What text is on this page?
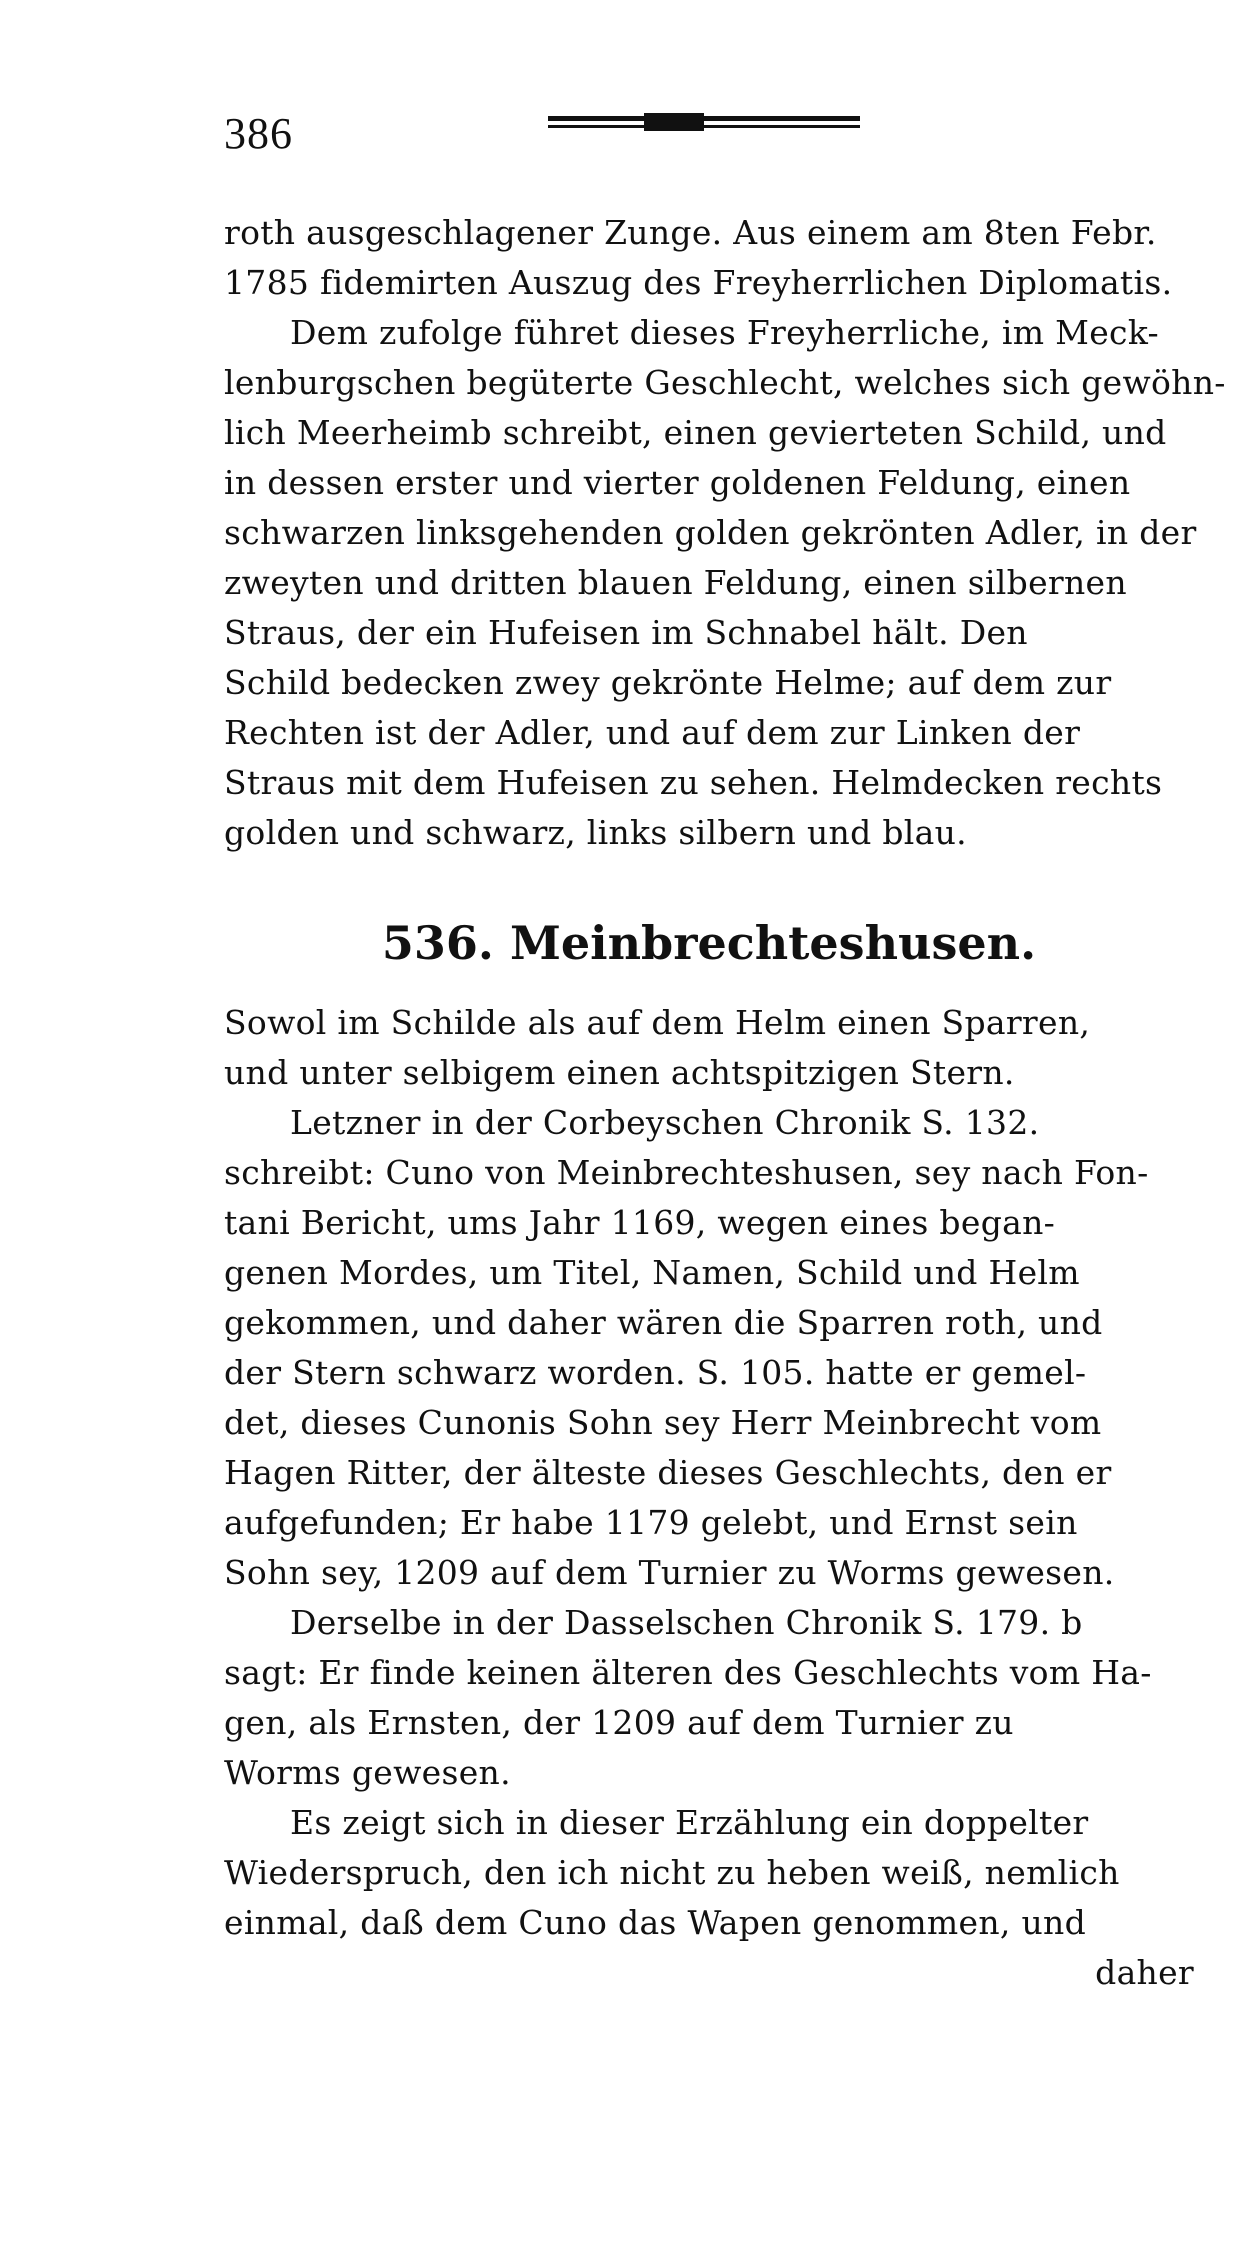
386
roth ausgeschlagener Zunge. Aus einem am 8ten Febr.
1785 fidemirten Auszug des Freyherrlichen Diplomatis.
Dem zufolge führet dieses Freyherrliche, im Meck-
lenburgschen begüterte Geschlecht, welches sich gewöhn-
lich Meerheimb schreibt, einen gevierteten Schild, und
in dessen erster und vierter goldenen Feldung, einen
schwarzen linksgehenden golden gekrönten Adler, in der
zweyten und dritten blauen Feldung, einen silbernen
Straus, der ein Hufeisen im Schnabel hält. Den
Schild bedecken zwey gekrönte Helme; auf dem zur
Rechten ist der Adler, und auf dem zur Linken der
Straus mit dem Hufeisen zu sehen. Helmdecken rechts
golden und schwarz, links silbern und blau.
536. Meinbrechteshusen.
Sowol im Schilde als auf dem Helm einen Sparren,
und unter selbigem einen achtspitzigen Stern.
Letzner in der Corbeyschen Chronik S. 132.
schreibt: Cuno von Meinbrechteshusen, sey nach Fon-
tani Bericht, ums Jahr 1169, wegen eines began-
genen Mordes, um Titel, Namen, Schild und Helm
gekommen, und daher wären die Sparren roth, und
der Stern schwarz worden. S. 105. hatte er gemel-
det, dieses Cunonis Sohn sey Herr Meinbrecht vom
Hagen Ritter, der älteste dieses Geschlechts, den er
aufgefunden; Er habe 1179 gelebt, und Ernst sein
Sohn sey, 1209 auf dem Turnier zu Worms gewesen.
Derselbe in der Dasselschen Chronik S. 179. b
sagt: Er finde keinen älteren des Geschlechts vom Ha-
gen, als Ernsten, der 1209 auf dem Turnier zu
Worms gewesen.
Es zeigt sich in dieser Erzählung ein doppelter
Wiederspruch, den ich nicht zu heben weiß, nemlich
einmal, daß dem Cuno das Wapen genommen, und
daher
